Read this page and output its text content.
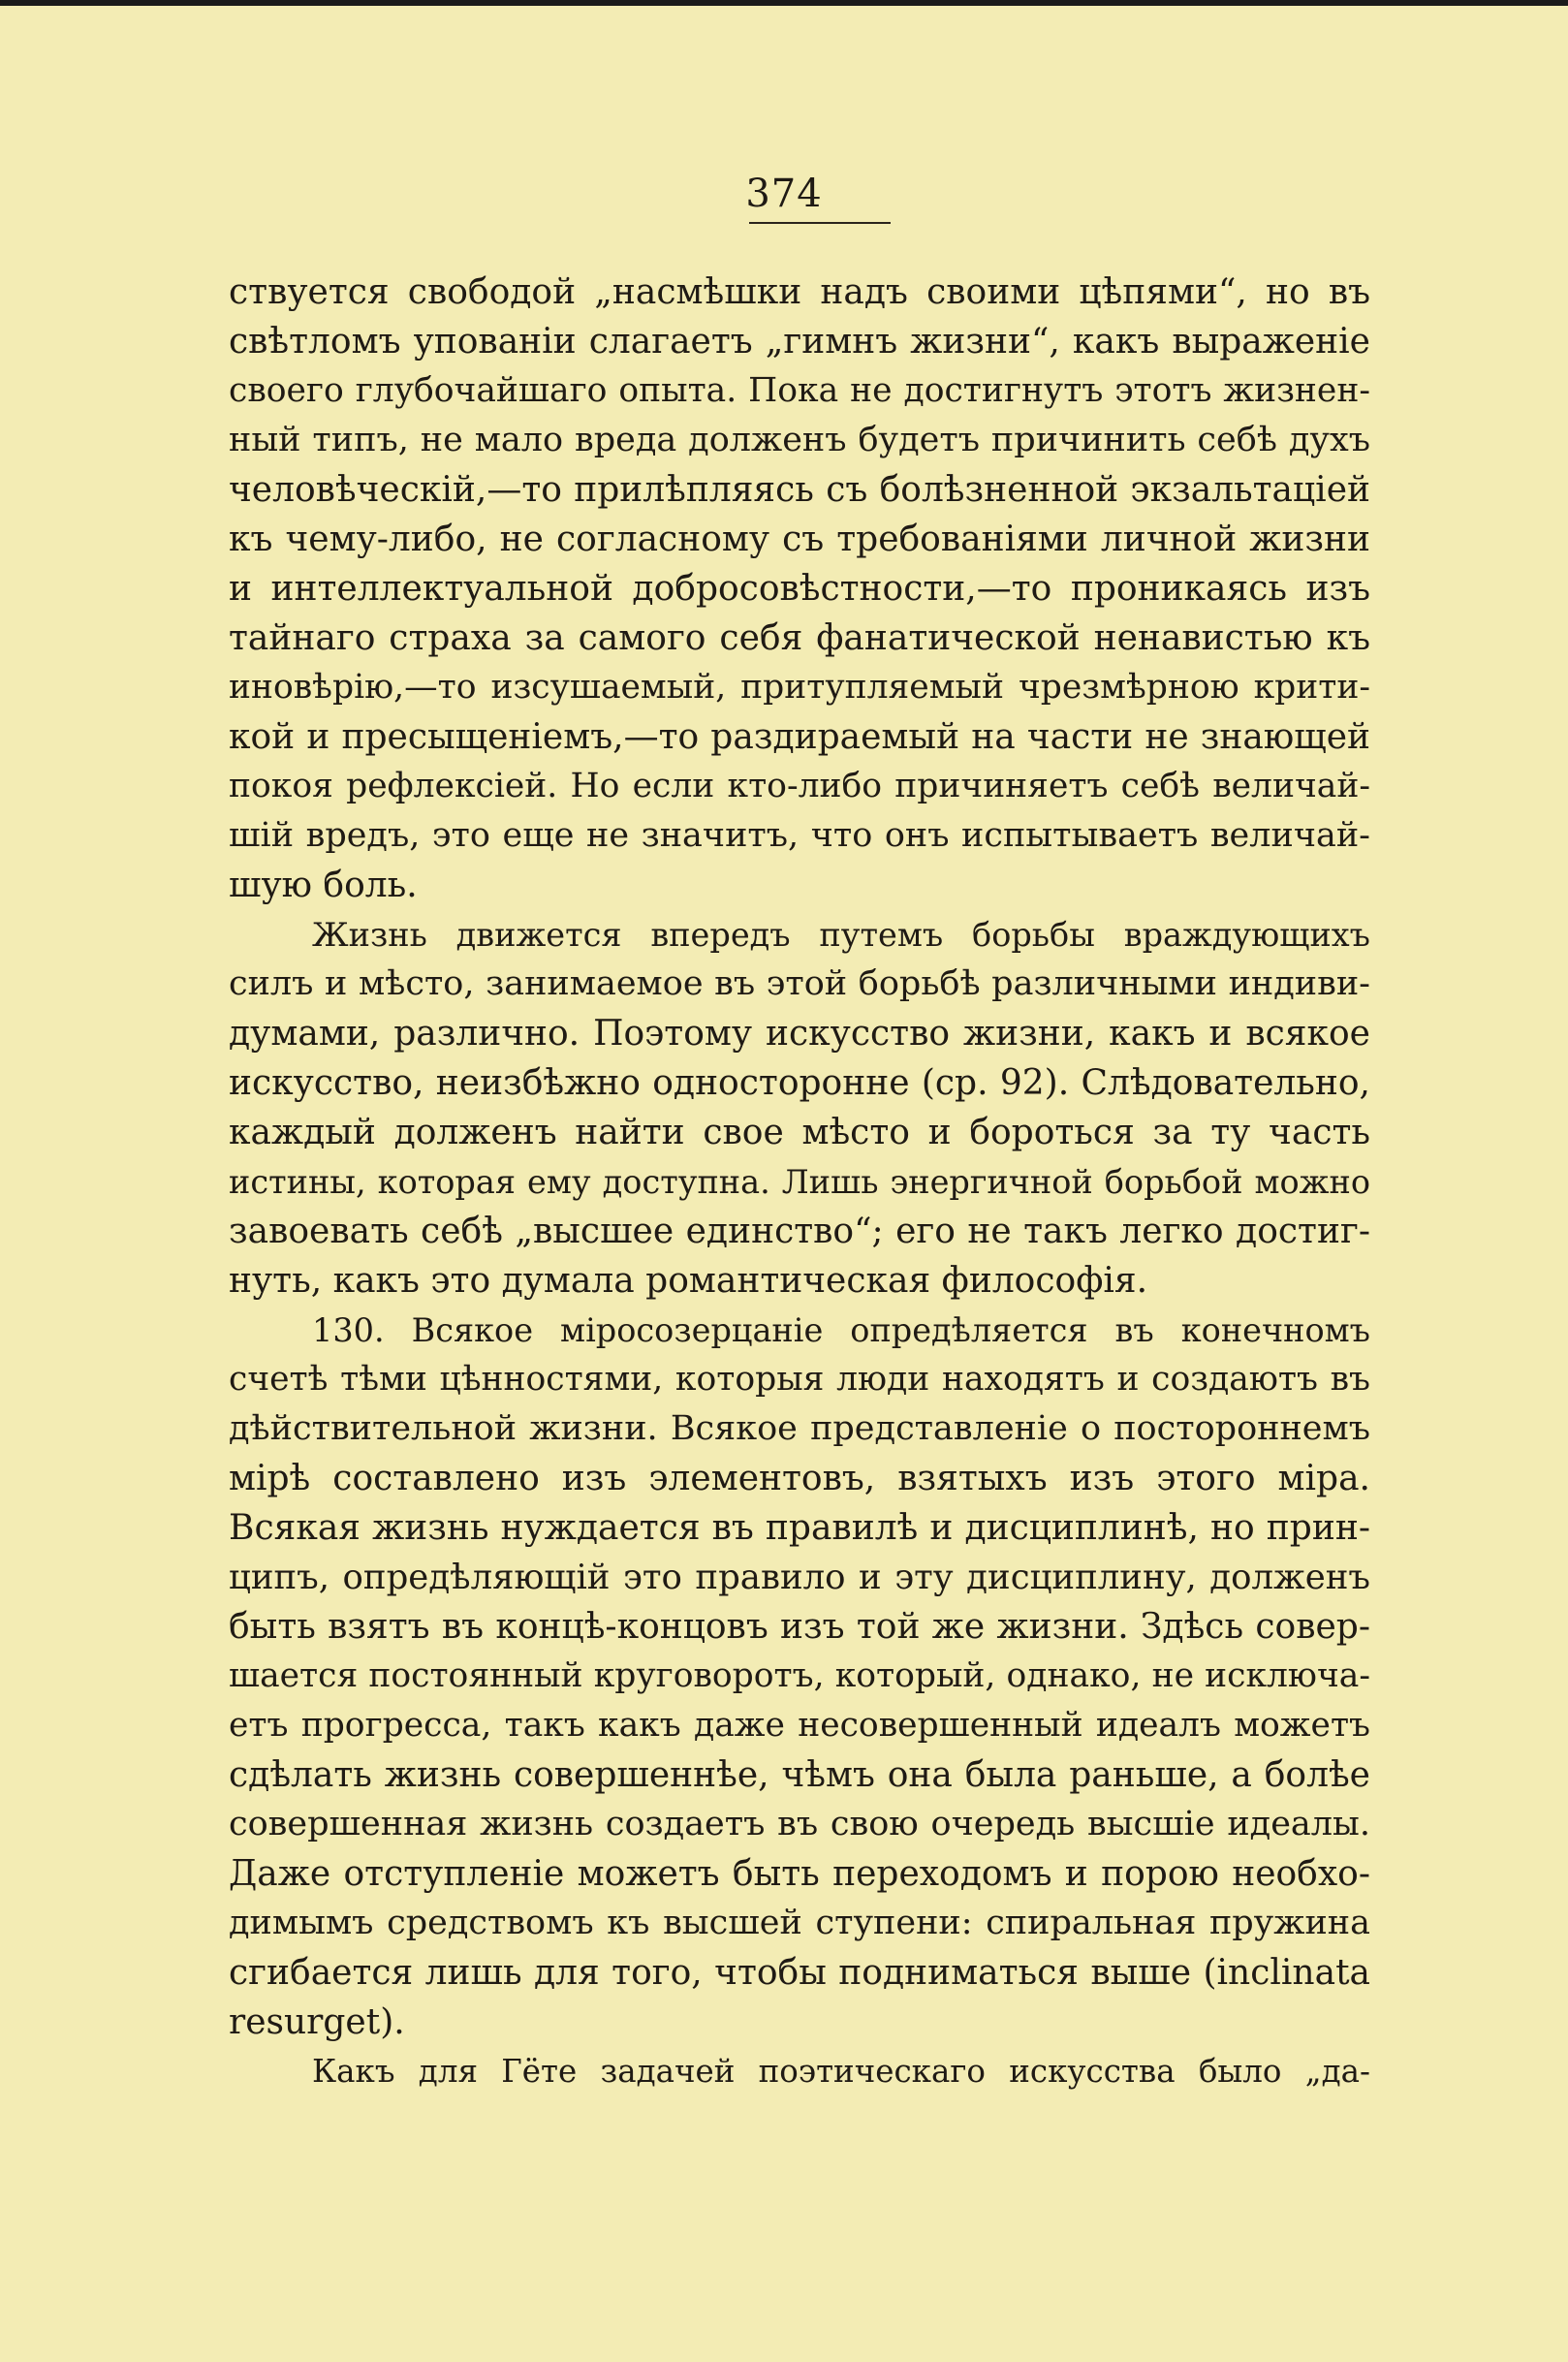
374
ствуется свободой „насмѣшки надъ своими цѣпями“, но въ
свѣтломъ упованіи слагаетъ „гимнъ жизни“, какъ выраженіе
своего глубочайшаго опыта. Пока не достигнутъ этотъ жизнен-
ный типъ, не мало вреда долженъ будетъ причинить себѣ духъ
человѣческій,—то прилѣпляясь съ болѣзненной экзальтаціей
къ чему-либо, не согласному съ требованіями личной жизни
и интеллектуальной добросовѣстности,—то проникаясь изъ
тайнаго страха за самого себя фанатической ненавистью къ
иновѣрію,—то изсушаемый, притупляемый чрезмѣрною крити-
кой и пресыщеніемъ,—то раздираемый на части не знающей
покоя рефлексіей. Но если кто-либо причиняетъ себѣ величай-
шій вредъ, это еще не значитъ, что онъ испытываетъ величай-
шую боль.
Жизнь движется впередъ путемъ борьбы враждующихъ
силъ и мѣсто, занимаемое въ этой борьбѣ различными индиви-
думами, различно. Поэтому искусство жизни, какъ и всякое
искусство, неизбѣжно односторонне (ср. 92). Слѣдовательно,
каждый долженъ найти свое мѣсто и бороться за ту часть
истины, которая ему доступна. Лишь энергичной борьбой можно
завоевать себѣ „высшее единство“; его не такъ легко достиг-
нуть, какъ это думала романтическая философія.
130. Всякое міросозерцаніе опредѣляется въ конечномъ
счетѣ тѣми цѣнностями, которыя люди находятъ и создаютъ въ
дѣйствительной жизни. Всякое представленіе о постороннемъ
мірѣ составлено изъ элементовъ, взятыхъ изъ этого міра.
Всякая жизнь нуждается въ правилѣ и дисциплинѣ, но прин-
ципъ, опредѣляющій это правило и эту дисциплину, долженъ
быть взятъ въ концѣ-концовъ изъ той же жизни. Здѣсь совер-
шается постоянный круговоротъ, который, однако, не исключа-
етъ прогресса, такъ какъ даже несовершенный идеалъ можетъ
сдѣлать жизнь совершеннѣе, чѣмъ она была раньше, а болѣе
совершенная жизнь создаетъ въ свою очередь высшіе идеалы.
Даже отступленіе можетъ быть переходомъ и порою необхо-
димымъ средствомъ къ высшей ступени: спиральная пружина
сгибается лишь для того, чтобы подниматься выше (inclinata
resurget).
Какъ для Гёте задачей поэтическаго искусства было „да-
